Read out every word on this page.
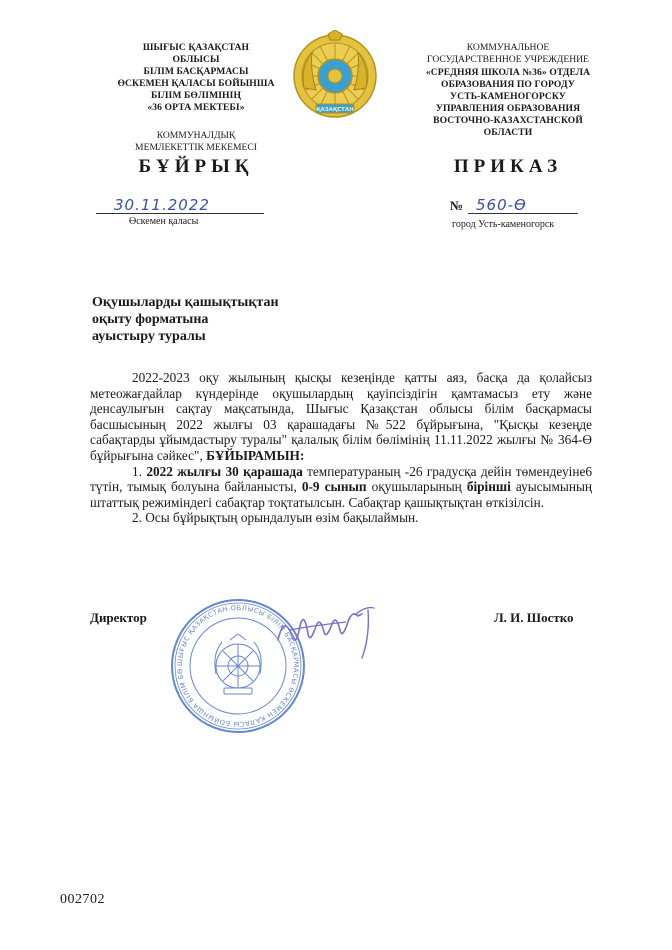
ШЫҒЫС ҚАЗАҚСТАН
ОБЛЫСЫ
БІЛІМ БАСҚАРМАСЫ
ӨСКЕМЕН ҚАЛАСЫ БОЙЫНША
БІЛІМ БӨЛІМІНІҢ
«36 ОРТА МЕКТЕБІ»
КОММУНАЛДЫҚ
МЕМЛЕКЕТТІК МЕКЕМЕСІ
БҰЙРЫҚ
30.11.2022
Өскемен қаласы
ҚАЗАҚСТАН
КОММУНАЛЬНОЕ
ГОСУДАРСТВЕННОЕ УЧРЕЖДЕНИЕ
«СРЕДНЯЯ ШКОЛА №36» ОТДЕЛА
ОБРАЗОВАНИЯ ПО ГОРОДУ
УСТЬ-КАМЕНОГОРСКУ
УПРАВЛЕНИЯ ОБРАЗОВАНИЯ
ВОСТОЧНО-КАЗАХСТАНСКОЙ
ОБЛАСТИ
ПРИКАЗ
№ 560-Ө
город Усть-каменогорск
Оқушыларды қашықтықтан
оқыту форматына
ауыстыру туралы

2022-2023 оқу жылының қысқы кезеңінде қатты аяз, басқа да қолайсыз метеожағдайлар күндерінде оқушылардың қауіпсіздігін қамтамасыз ету және денсаулығын сақтау мақсатында, Шығыс Қазақстан облысы білім басқармасы басшысының 2022 жылғы 03 қарашадағы №522 бұйрығына, "Қысқы кезеңде сабақтарды ұйымдастыру туралы" қалалық білім бөлімінің 11.11.2022 жылғы № 364-Ө бұйрығына сәйкес", БҰЙЫРАМЫН:

1. 2022 жылғы 30 қарашада температураның -26 градусқа дейін төмендеуіне6 түтін, тымық болуына байланысты, 0-9 сынып оқушыларының бірінші ауысымының штаттық режиміндегі сабақтар тоқтатылсын. Сабақтар қашықтықтан өткізілсін.

2. Осы бұйрықтың орындалуын өзім бақылаймын.

Директор	Л. И. Шостко
ШЫҒЫС ҚАЗАҚСТАН ОБЛЫСЫ БІЛІМ БАСҚАРМАСЫ ӨСКЕМЕН ҚАЛАСЫ БОЙЫНША БІЛІМ БӨ
002702
